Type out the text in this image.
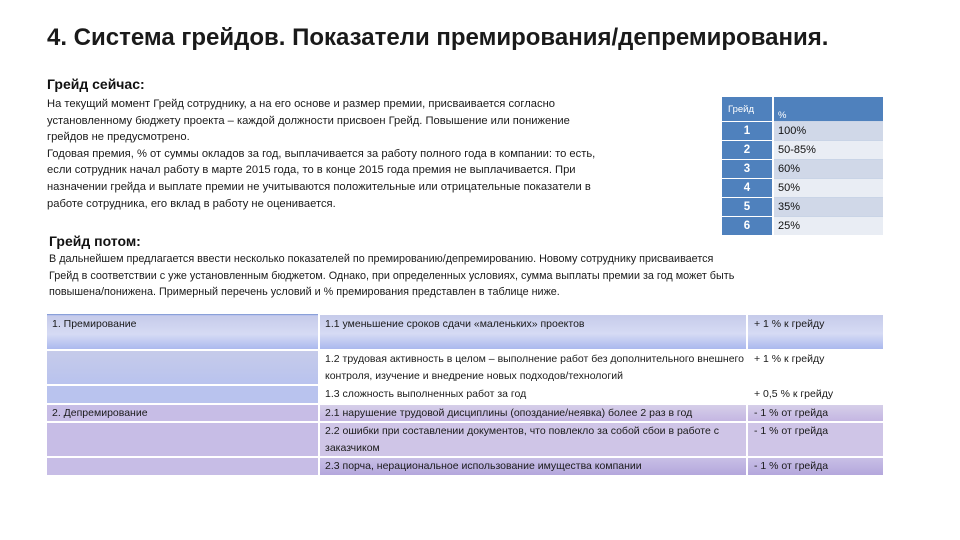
4. Система грейдов. Показатели премирования/депремирования.
Грейд сейчас:
На текущий момент Грейд сотруднику, а на его основе и размер премии, присваивается согласно
установленному бюджету проекта – каждой должности присвоен Грейд. Повышение или понижение
грейдов не предусмотрено.
Годовая премия, % от суммы окладов за год, выплачивается за работу полного года в компании: то есть,
если сотрудник начал работу в марте 2015 года, то в конце 2015 года премия не выплачивается. При
назначении грейда и выплате премии не учитываются положительные или отрицательные показатели в
работе сотрудника, его вклад в работу не оценивается.
Грейд	%
1	100%
2	50-85%
3	60%
4	50%
5	35%
6	25%
Грейд потом:
В дальнейшем предлагается ввести несколько показателей по премированию/депремированию. Новому сотруднику присваивается
Грейд в соответствии с уже установленным бюджетом. Однако, при определенных условиях, сумма выплаты премии за год может быть
повышена/понижена. Примерный перечень условий и % премирования представлен в таблице ниже.
1. Премирование	1.1 уменьшение сроков сдачи «маленьких» проектов	+ 1 % к грейду
	1.2 трудовая активность в целом – выполнение работ без дополнительного внешнего контроля, изучение и внедрение новых подходов/технологий	+ 1 % к грейду
	1.3 сложность выполненных работ за год	+ 0,5 % к грейду
2. Депремирование	2.1 нарушение трудовой дисциплины (опоздание/неявка) более 2 раз в год	- 1 % от грейда
	2.2 ошибки при составлении документов, что повлекло за собой сбои в работе с заказчиком	- 1 % от грейда
	2.3 порча, нерациональное использование имущества компании	- 1 % от грейда
